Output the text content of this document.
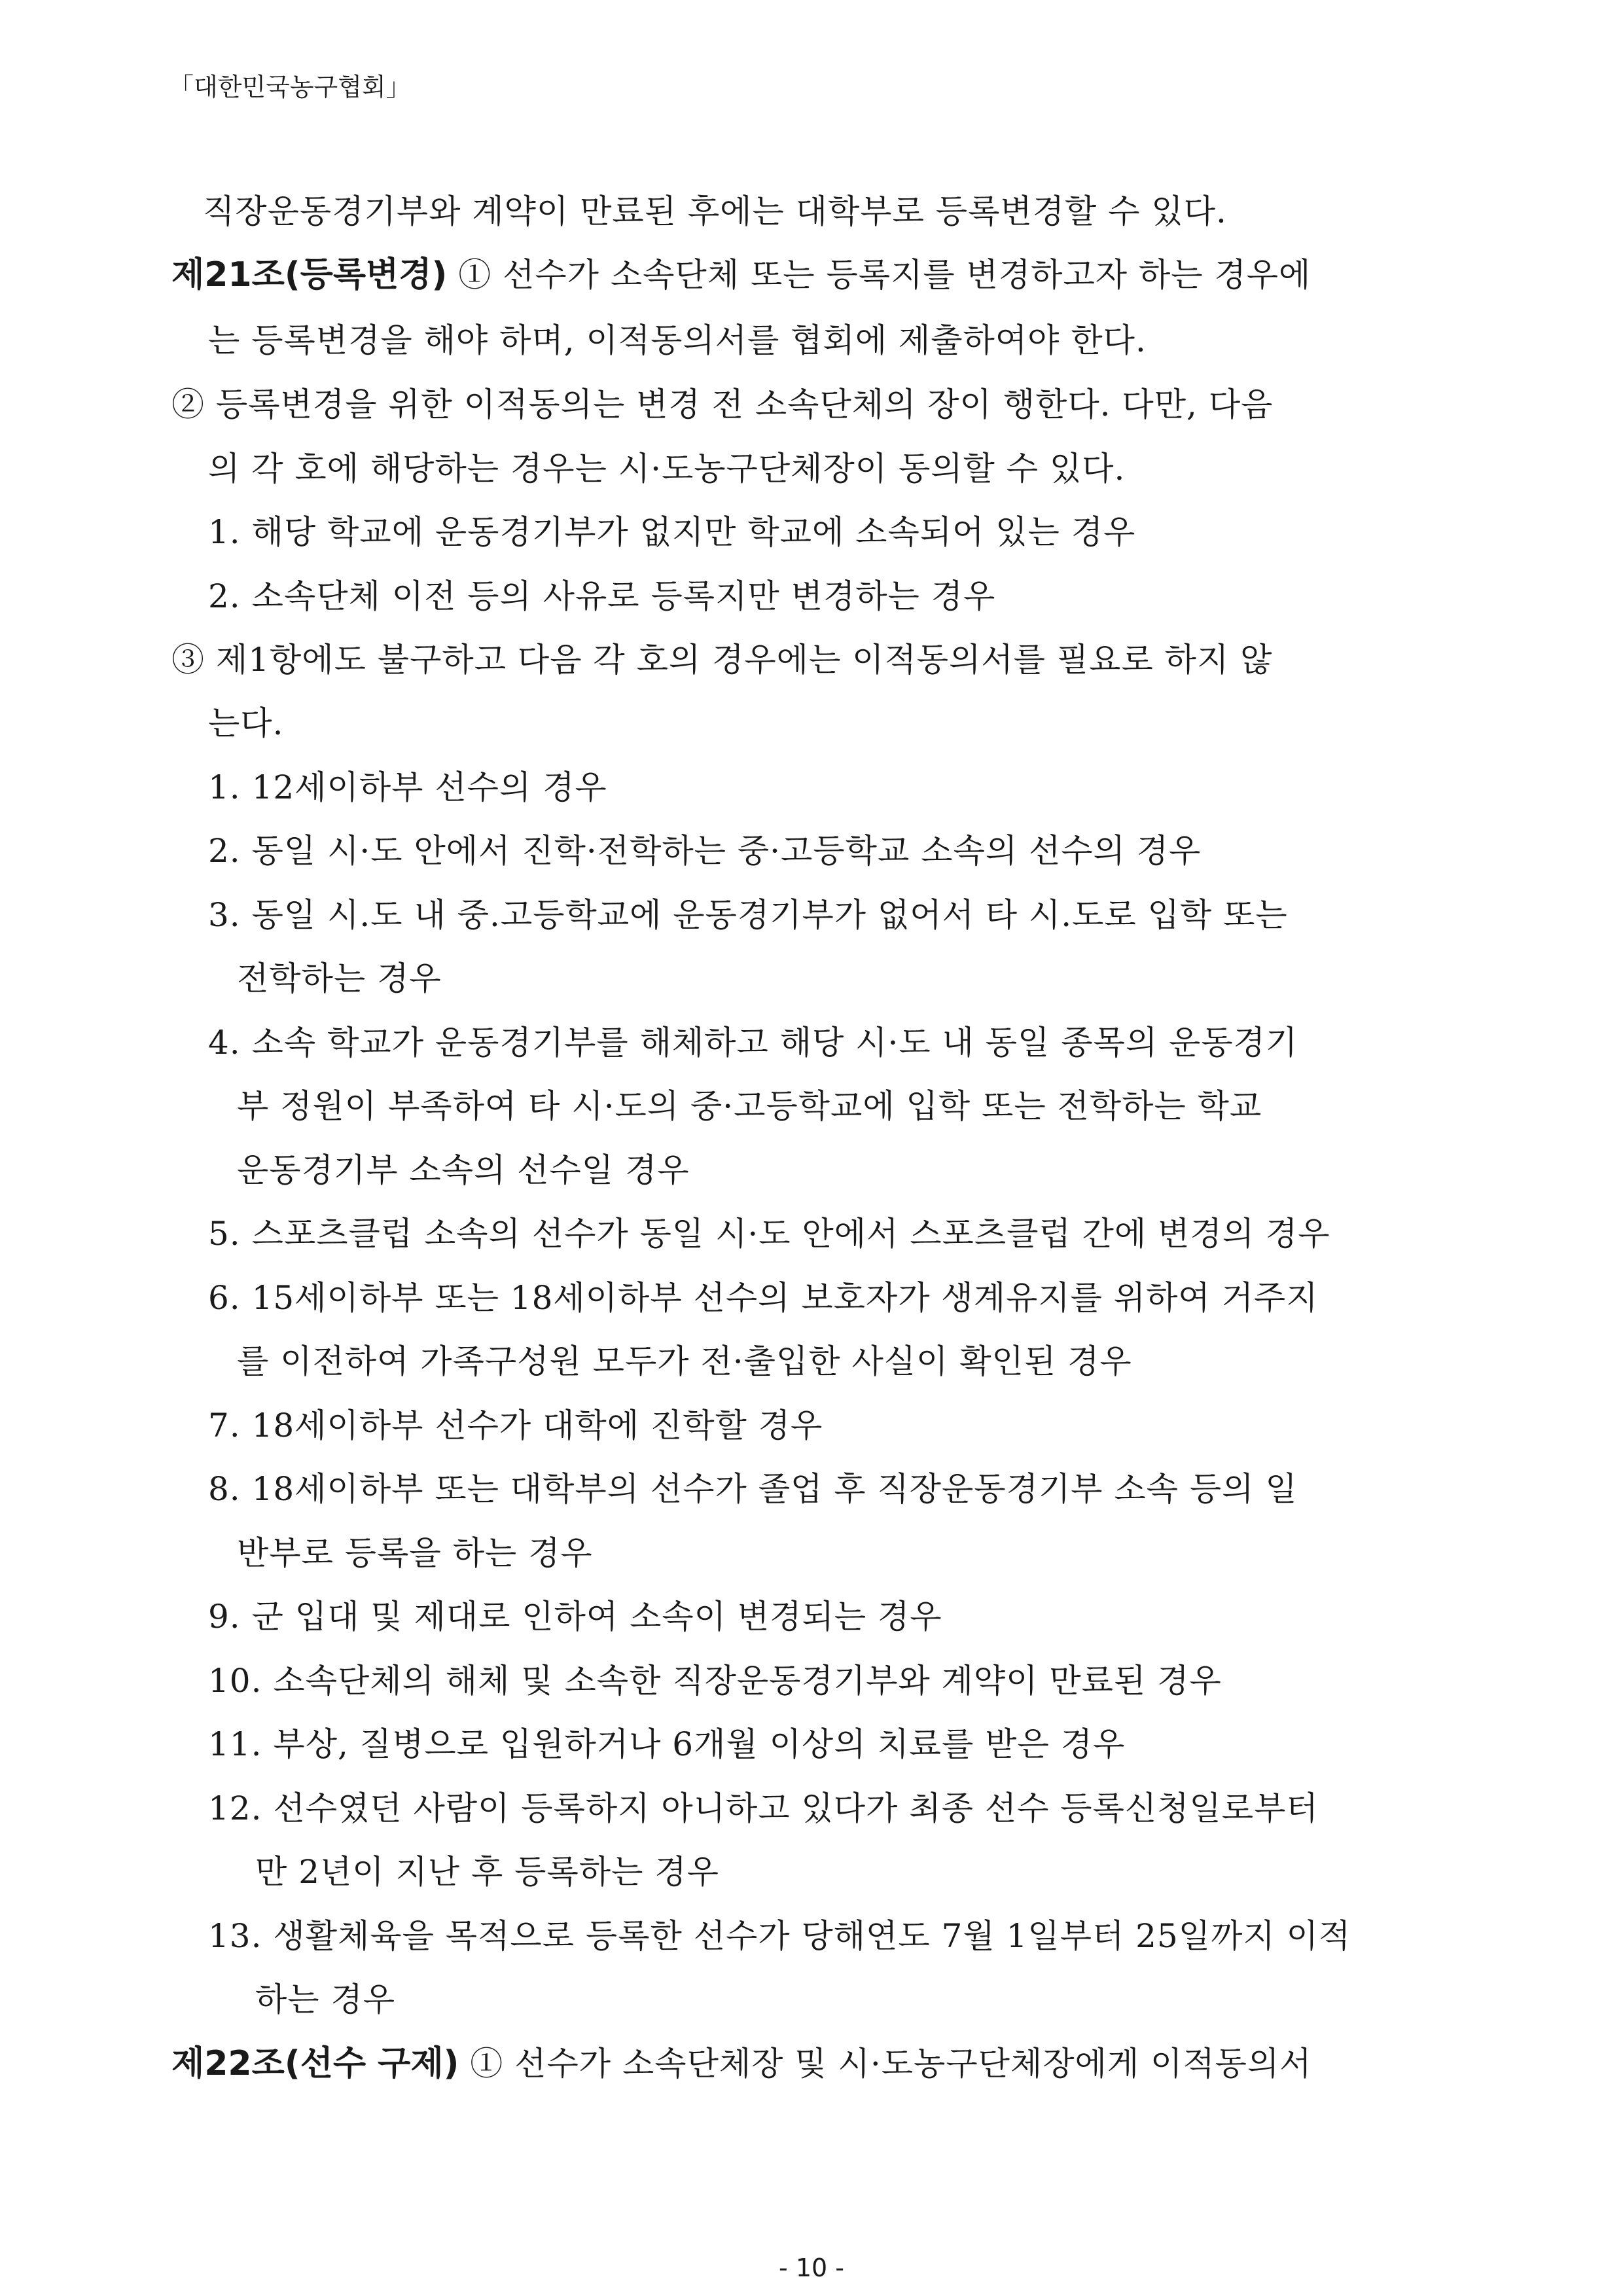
「대한민국농구협회」
직장운동경기부와 계약이 만료된 후에는 대학부로 등록변경할 수 있다.
제21조(등록변경) ① 선수가 소속단체 또는 등록지를 변경하고자 하는 경우에
는 등록변경을 해야 하며, 이적동의서를 협회에 제출하여야 한다.
② 등록변경을 위한 이적동의는 변경 전 소속단체의 장이 행한다. 다만, 다음
의 각 호에 해당하는 경우는 시·도농구단체장이 동의할 수 있다.
1. 해당 학교에 운동경기부가 없지만 학교에 소속되어 있는 경우
2. 소속단체 이전 등의 사유로 등록지만 변경하는 경우
③ 제1항에도 불구하고 다음 각 호의 경우에는 이적동의서를 필요로 하지 않
는다.
1. 12세이하부 선수의 경우
2. 동일 시·도 안에서 진학·전학하는 중·고등학교 소속의 선수의 경우
3. 동일 시.도 내 중.고등학교에 운동경기부가 없어서 타 시.도로 입학 또는
전학하는 경우
4. 소속 학교가 운동경기부를 해체하고 해당 시·도 내 동일 종목의 운동경기
부 정원이 부족하여 타 시·도의 중·고등학교에 입학 또는 전학하는 학교
운동경기부 소속의 선수일 경우
5. 스포츠클럽 소속의 선수가 동일 시·도 안에서 스포츠클럽 간에 변경의 경우
6. 15세이하부 또는 18세이하부 선수의 보호자가 생계유지를 위하여 거주지
를 이전하여 가족구성원 모두가 전·출입한 사실이 확인된 경우
7. 18세이하부 선수가 대학에 진학할 경우
8. 18세이하부 또는 대학부의 선수가 졸업 후 직장운동경기부 소속 등의 일
반부로 등록을 하는 경우
9. 군 입대 및 제대로 인하여 소속이 변경되는 경우
10. 소속단체의 해체 및 소속한 직장운동경기부와 계약이 만료된 경우
11. 부상, 질병으로 입원하거나 6개월 이상의 치료를 받은 경우
12. 선수였던 사람이 등록하지 아니하고 있다가 최종 선수 등록신청일로부터
만 2년이 지난 후 등록하는 경우
13. 생활체육을 목적으로 등록한 선수가 당해연도 7월 1일부터 25일까지 이적
하는 경우
제22조(선수 구제) ① 선수가 소속단체장 및 시·도농구단체장에게 이적동의서
- 10 -
